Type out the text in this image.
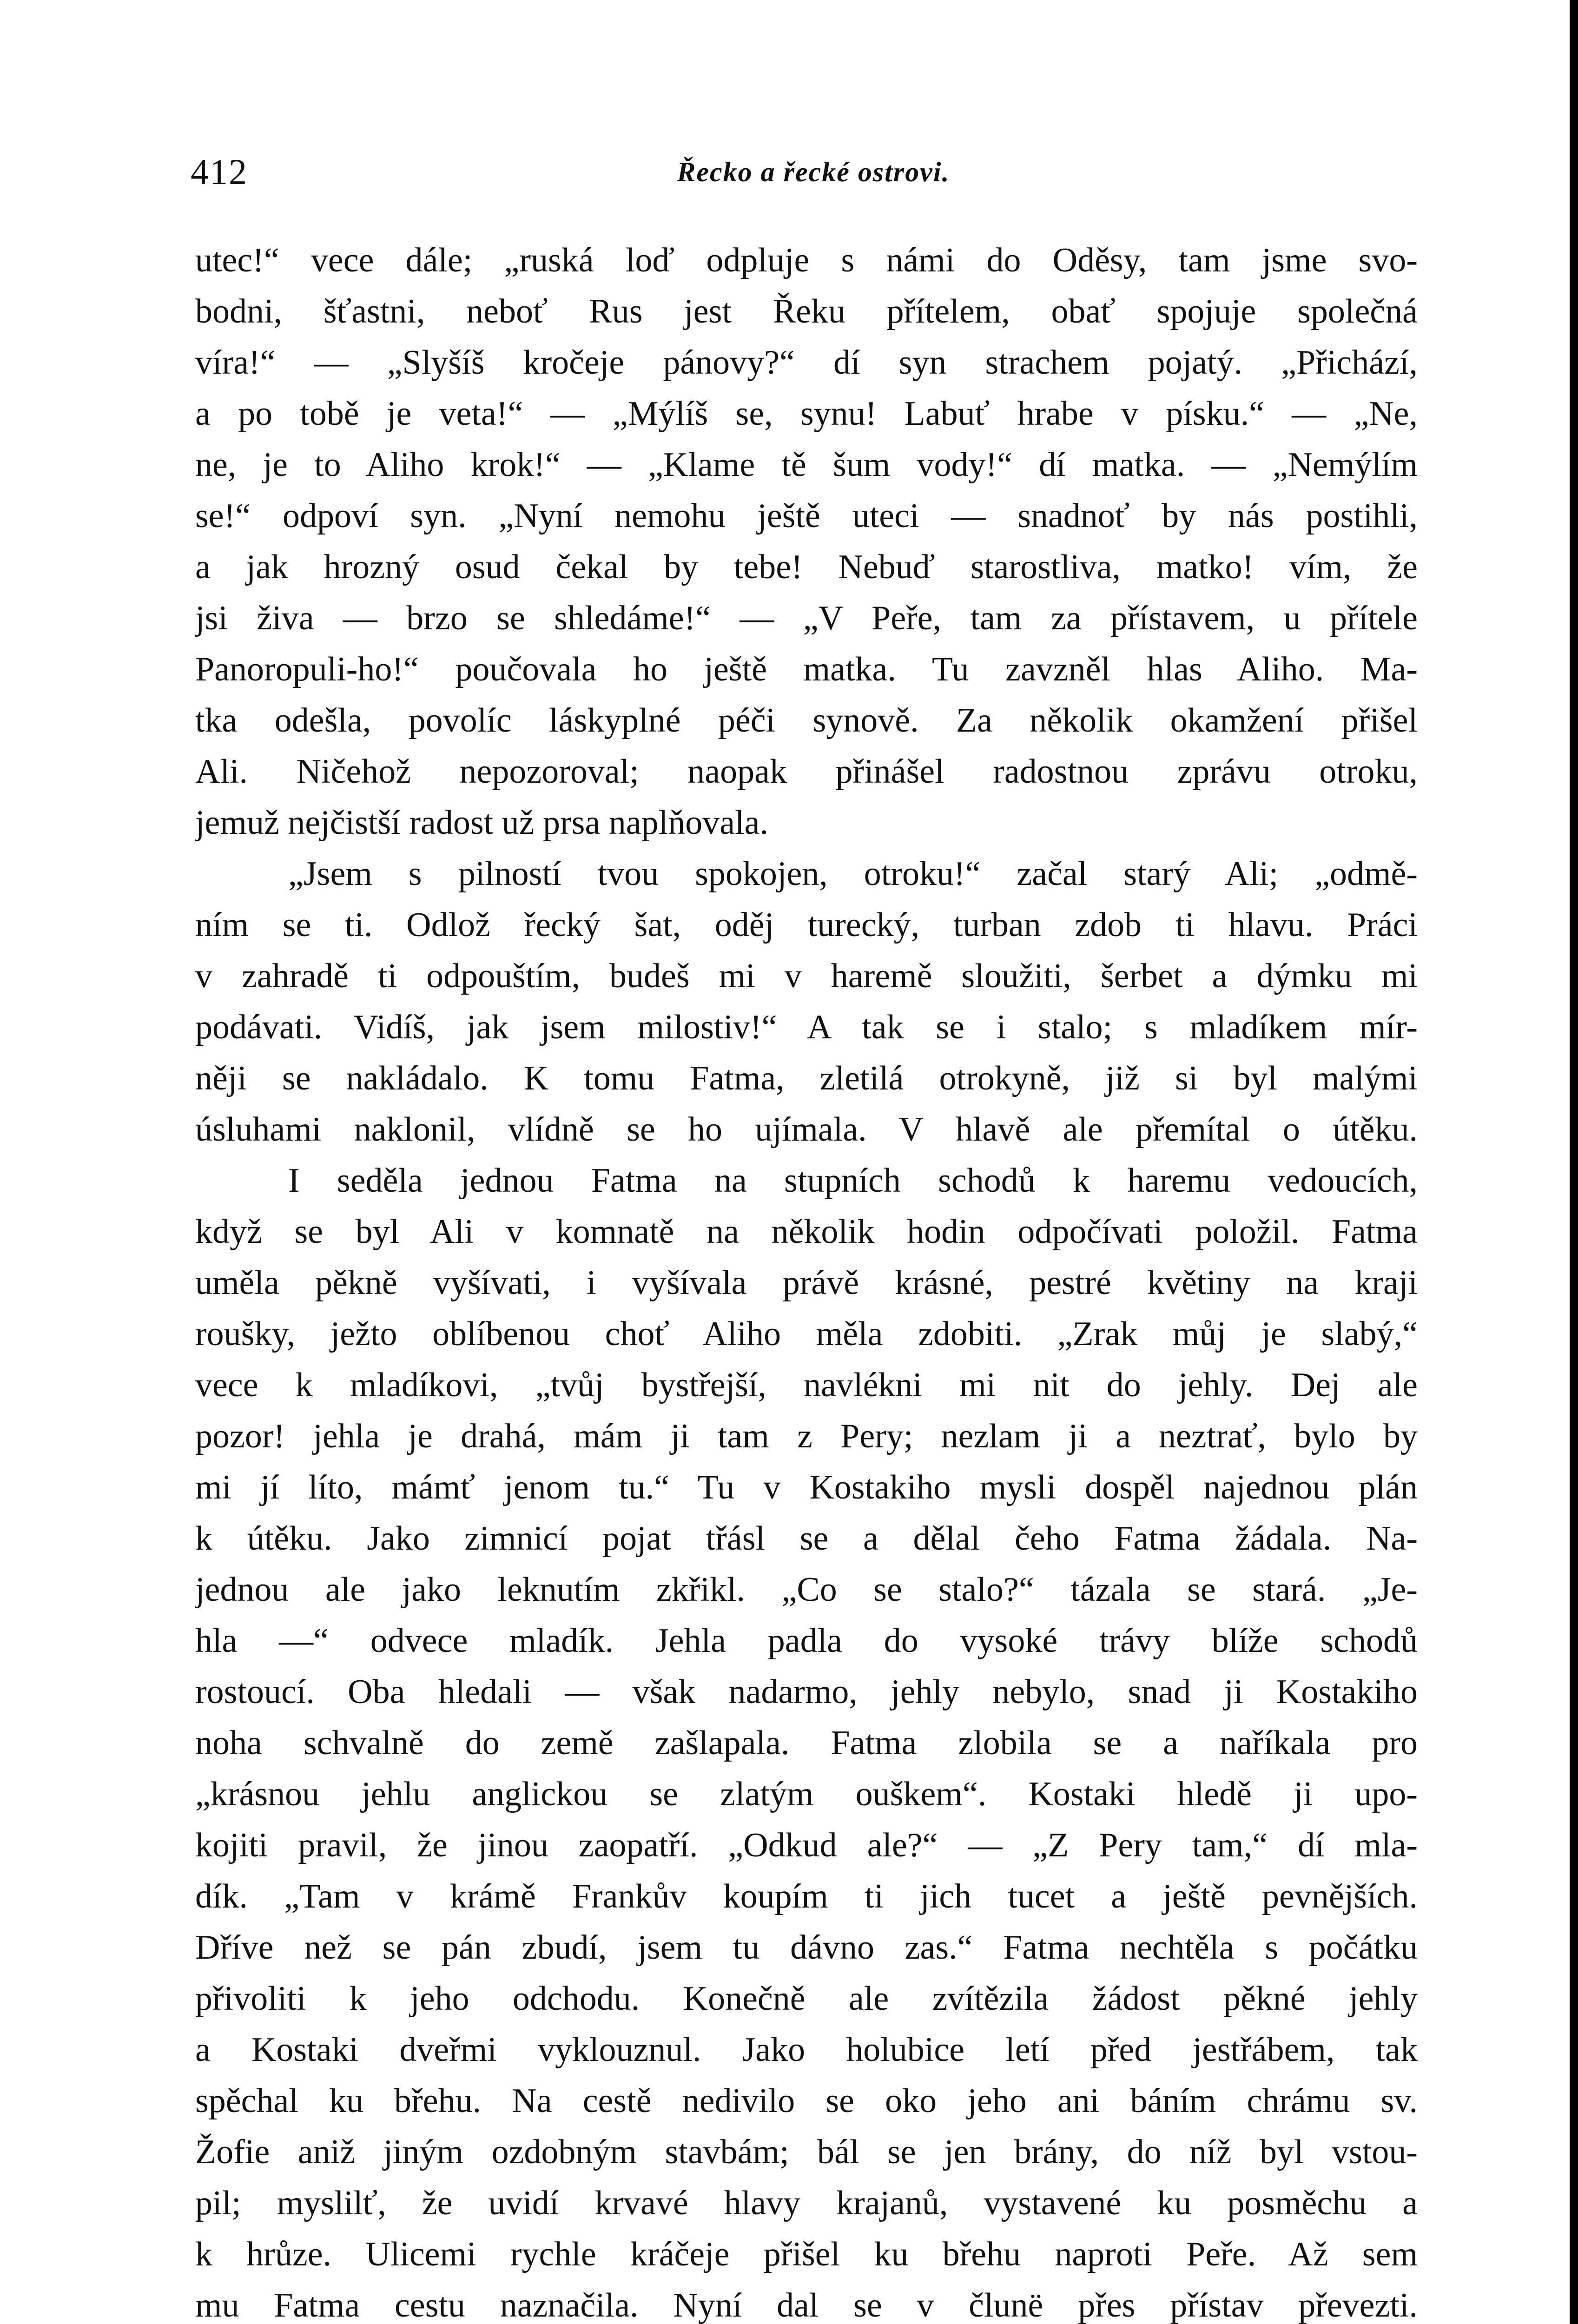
412	Řecko a řecké ostrovi.
utec!“ vece dále; „ruská loď odpluje s námi do Oděsy, tam jsme svo-
bodni, šťastni, neboť Rus jest Řeku přítelem, obať spojuje společná
víra!“ — „Slyšíš kročeje pánovy?“ dí syn strachem pojatý. „Přichází,
a po tobě je veta!“ — „Mýlíš se, synu! Labuť hrabe v písku.“ — „Ne,
ne, je to Aliho krok!“ — „Klame tě šum vody!“ dí matka. — „Nemýlím
se!“ odpoví syn. „Nyní nemohu ještě uteci — snadnoť by nás postihli,
a jak hrozný osud čekal by tebe! Nebuď starostliva, matko! vím, že
jsi živa — brzo se shledáme!“ — „V Peře, tam za přístavem, u přítele
Panoropuli-ho!“ poučovala ho ještě matka. Tu zavzněl hlas Aliho. Ma-
tka odešla, povolíc láskyplné péči synově. Za několik okamžení přišel
Ali. Ničehož nepozoroval; naopak přinášel radostnou zprávu otroku,
jemuž nejčistší radost už prsa naplňovala.
„Jsem s pilností tvou spokojen, otroku!“ začal starý Ali; „odmě-
ním se ti. Odlož řecký šat, oděj turecký, turban zdob ti hlavu. Práci
v zahradě ti odpouštím, budeš mi v haremě sloužiti, šerbet a dýmku mi
podávati. Vidíš, jak jsem milostiv!“ A tak se i stalo; s mladíkem mír-
něji se nakládalo. K tomu Fatma, zletilá otrokyně, již si byl malými
úsluhami naklonil, vlídně se ho ujímala. V hlavě ale přemítal o útěku.
I seděla jednou Fatma na stupních schodů k haremu vedoucích,
když se byl Ali v komnatě na několik hodin odpočívati položil. Fatma
uměla pěkně vyšívati, i vyšívala právě krásné, pestré květiny na kraji
roušky, ježto oblíbenou choť Aliho měla zdobiti. „Zrak můj je slabý,“
vece k mladíkovi, „tvůj bystřejší, navlékni mi nit do jehly. Dej ale
pozor! jehla je drahá, mám ji tam z Pery; nezlam ji a neztrať, bylo by
mi jí líto, mámť jenom tu.“ Tu v Kostakiho mysli dospěl najednou plán
k útěku. Jako zimnicí pojat třásl se a dělal čeho Fatma žádala. Na-
jednou ale jako leknutím zkřikl. „Co se stalo?“ tázala se stará. „Je-
hla —“ odvece mladík. Jehla padla do vysoké trávy blíže schodů
rostoucí. Oba hledali — však nadarmo, jehly nebylo, snad ji Kostakiho
noha schvalně do země zašlapala. Fatma zlobila se a naříkala pro
„krásnou jehlu anglickou se zlatým ouškem“. Kostaki hledě ji upo-
kojiti pravil, že jinou zaopatří. „Odkud ale?“ — „Z Pery tam,“ dí mla-
dík. „Tam v krámě Frankův koupím ti jich tucet a ještě pevnějších.
Dříve než se pán zbudí, jsem tu dávno zas.“ Fatma nechtěla s počátku
přivoliti k jeho odchodu. Konečně ale zvítězila žádost pěkné jehly
a Kostaki dveřmi vyklouznul. Jako holubice letí před jestřábem, tak
spěchal ku břehu. Na cestě nedivilo se oko jeho ani báním chrámu sv.
Žofie aniž jiným ozdobným stavbám; bál se jen brány, do níž byl vstou-
pil; myslilť, že uvidí krvavé hlavy krajanů, vystavené ku posměchu a
k hrůze. Ulicemi rychle kráčeje přišel ku břehu naproti Peře. Až sem
mu Fatma cestu naznačila. Nyní dal se v člunë přes přístav převezti.
